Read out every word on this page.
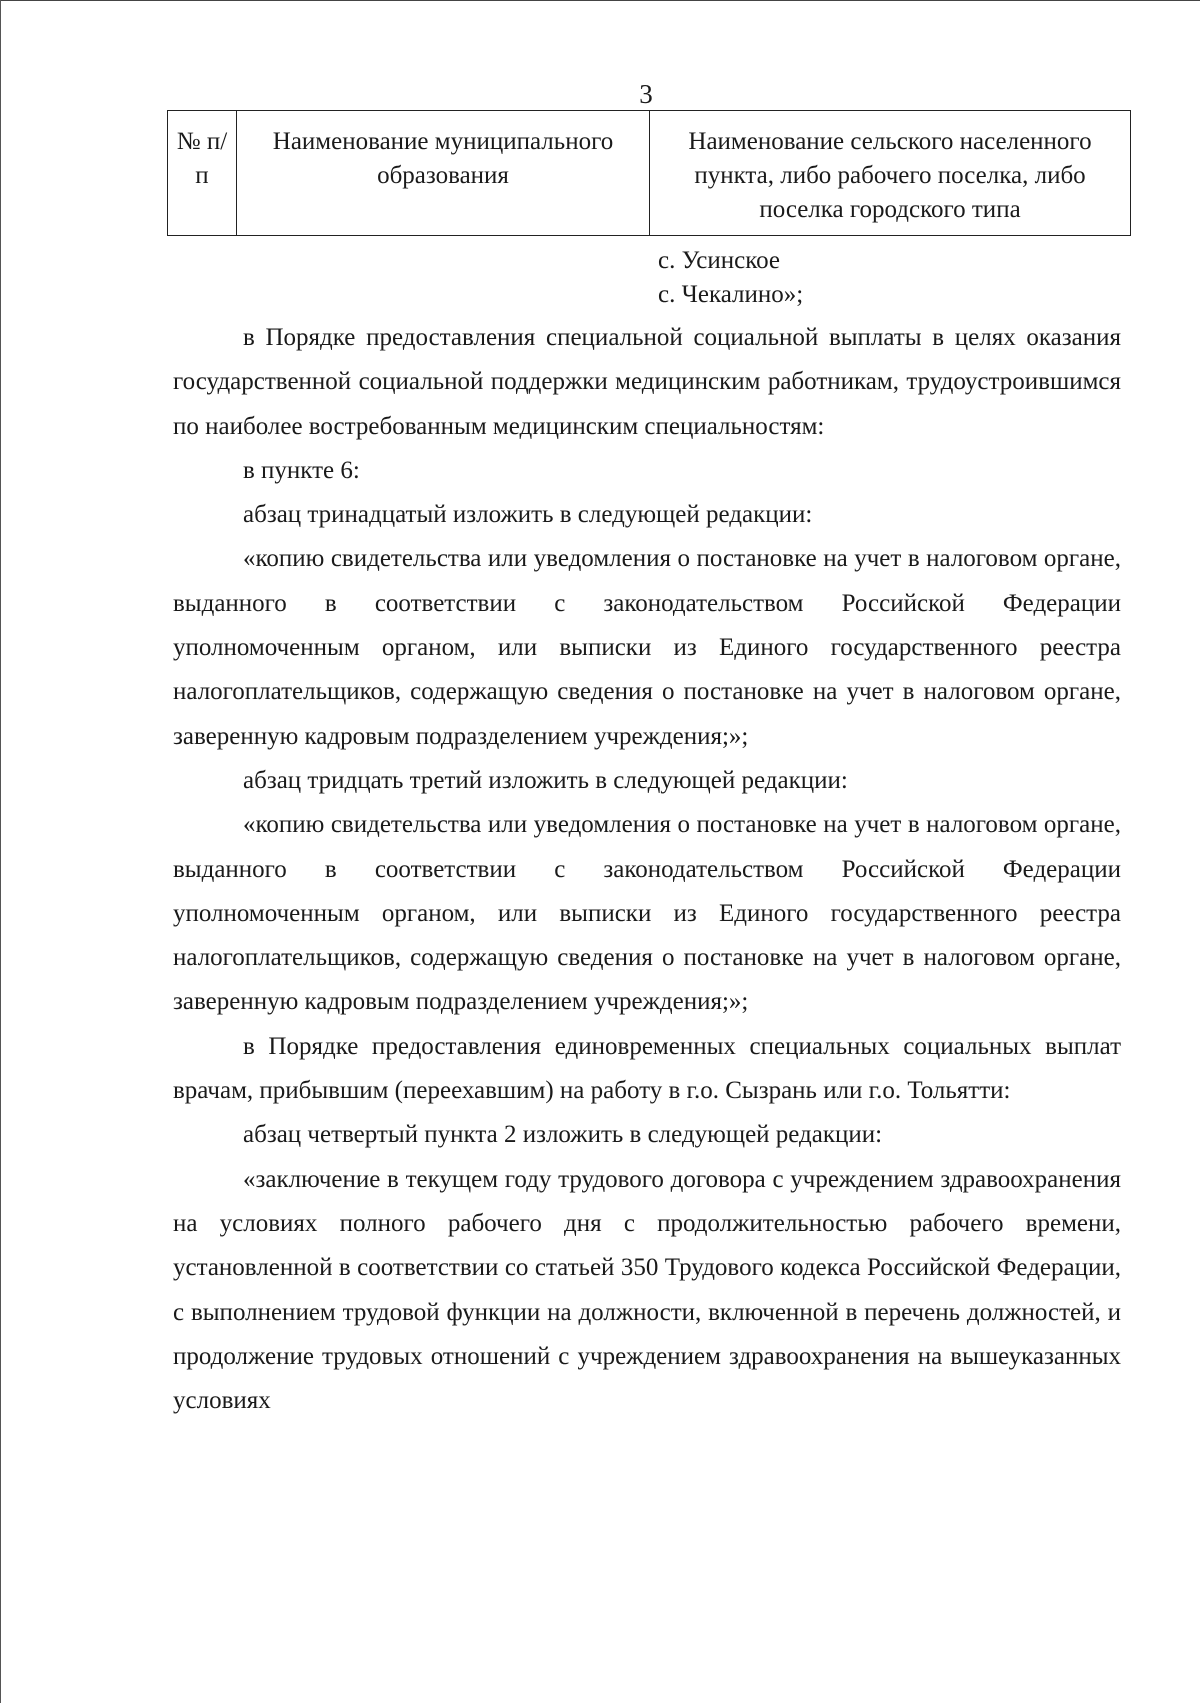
3
№ п/п	Наименование муниципального образования	Наименование сельского населенного пункта, либо рабочего поселка, либо поселка городского типа
с. Усинское
с. Чекалино»;

в Порядке предоставления специальной социальной выплаты в целях оказания государственной социальной поддержки медицинским работникам, трудоустроившимся по наиболее востребованным медицинским специальностям:

в пункте 6:

абзац тринадцатый изложить в следующей редакции:

«копию свидетельства или уведомления о постановке на учет в налоговом органе, выданного в соответствии с законодательством Российской Федерации уполномоченным органом, или выписки из Единого государственного реестра налогоплательщиков, содержащую сведения о постановке на учет в налоговом органе, заверенную кадровым подразделением учреждения;»;

абзац тридцать третий изложить в следующей редакции:

«копию свидетельства или уведомления о постановке на учет в налоговом органе, выданного в соответствии с законодательством Российской Федерации уполномоченным органом, или выписки из Единого государственного реестра налогоплательщиков, содержащую сведения о постановке на учет в налоговом органе, заверенную кадровым подразделением учреждения;»;

в Порядке предоставления единовременных специальных социальных выплат врачам, прибывшим (переехавшим) на работу в г.о. Сызрань или г.о. Тольятти:

абзац четвертый пункта 2 изложить в следующей редакции:

«заключение в текущем году трудового договора с учреждением здравоохранения на условиях полного рабочего дня с продолжительностью рабочего времени, установленной в соответствии со статьей 350 Трудового кодекса Российской Федерации, с выполнением трудовой функции на должности, включенной в перечень должностей, и продолжение трудовых отношений с учреждением здравоохранения на вышеуказанных условиях
